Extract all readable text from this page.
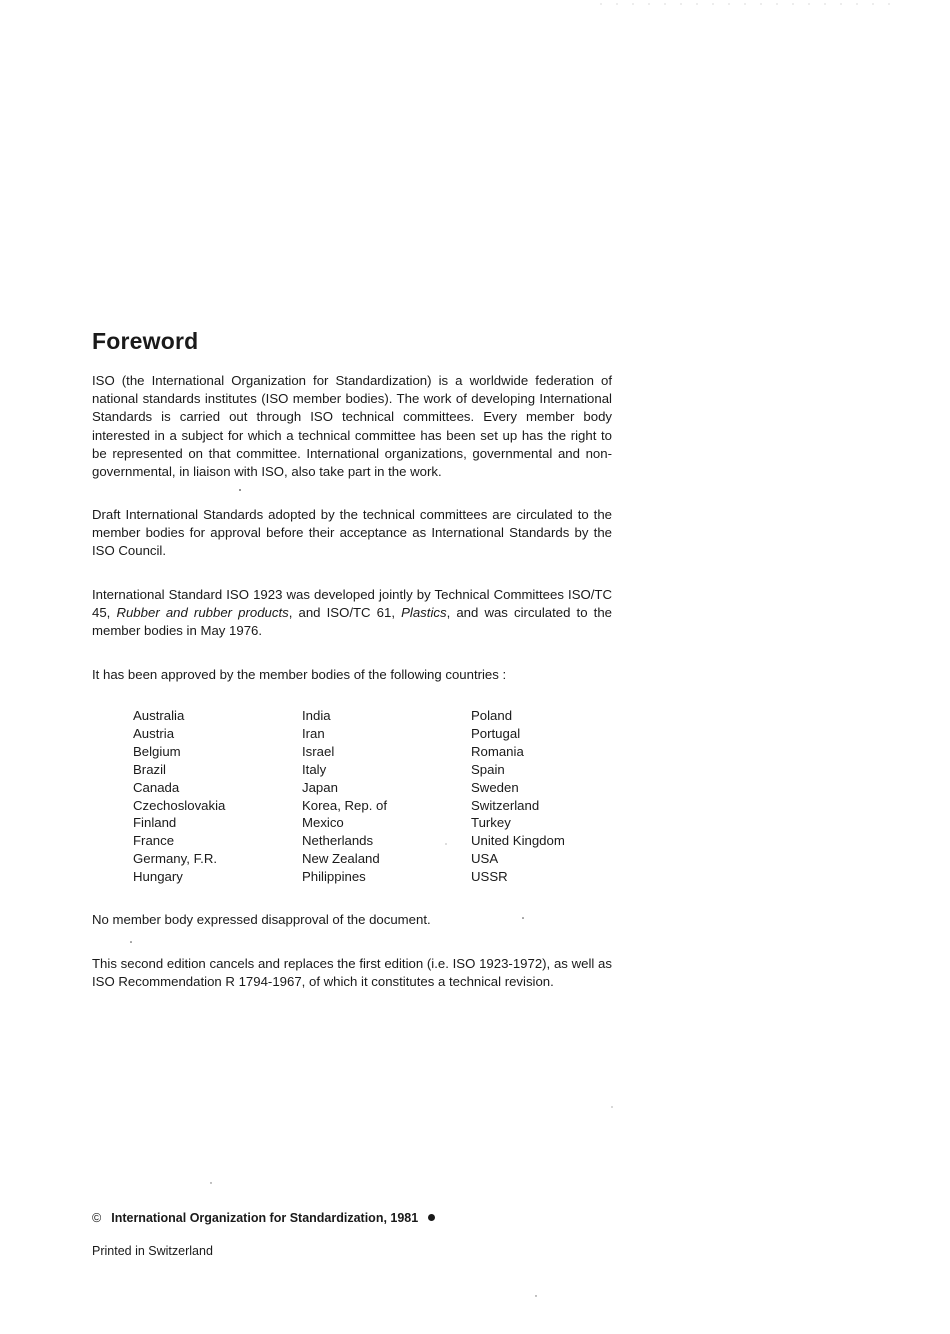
Foreword

ISO (the International Organization for Standardization) is a worldwide federation of national standards institutes (ISO member bodies). The work of developing International Standards is carried out through ISO technical committees. Every member body interested in a subject for which a technical committee has been set up has the right to be represented on that committee. International organizations, governmental and non-governmental, in liaison with ISO, also take part in the work.

Draft International Standards adopted by the technical committees are circulated to the member bodies for approval before their acceptance as International Standards by the ISO Council.

International Standard ISO 1923 was developed jointly by Technical Committees ISO/TC 45, Rubber and rubber products, and ISO/TC 61, Plastics, and was circulated to the member bodies in May 1976.

It has been approved by the member bodies of the following countries :

Australia
Austria
Belgium
Brazil
Canada
Czechoslovakia
Finland
France
Germany, F.R.
Hungary
India
Iran
Israel
Italy
Japan
Korea, Rep. of
Mexico
Netherlands
New Zealand
Philippines
Poland
Portugal
Romania
Spain
Sweden
Switzerland
Turkey
United Kingdom
USA
USSR

No member body expressed disapproval of the document.

This second edition cancels and replaces the first edition (i.e. ISO 1923-1972), as well as ISO Recommendation R 1794-1967, of which it constitutes a technical revision.

© International Organization for Standardization, 1981
Printed in Switzerland
